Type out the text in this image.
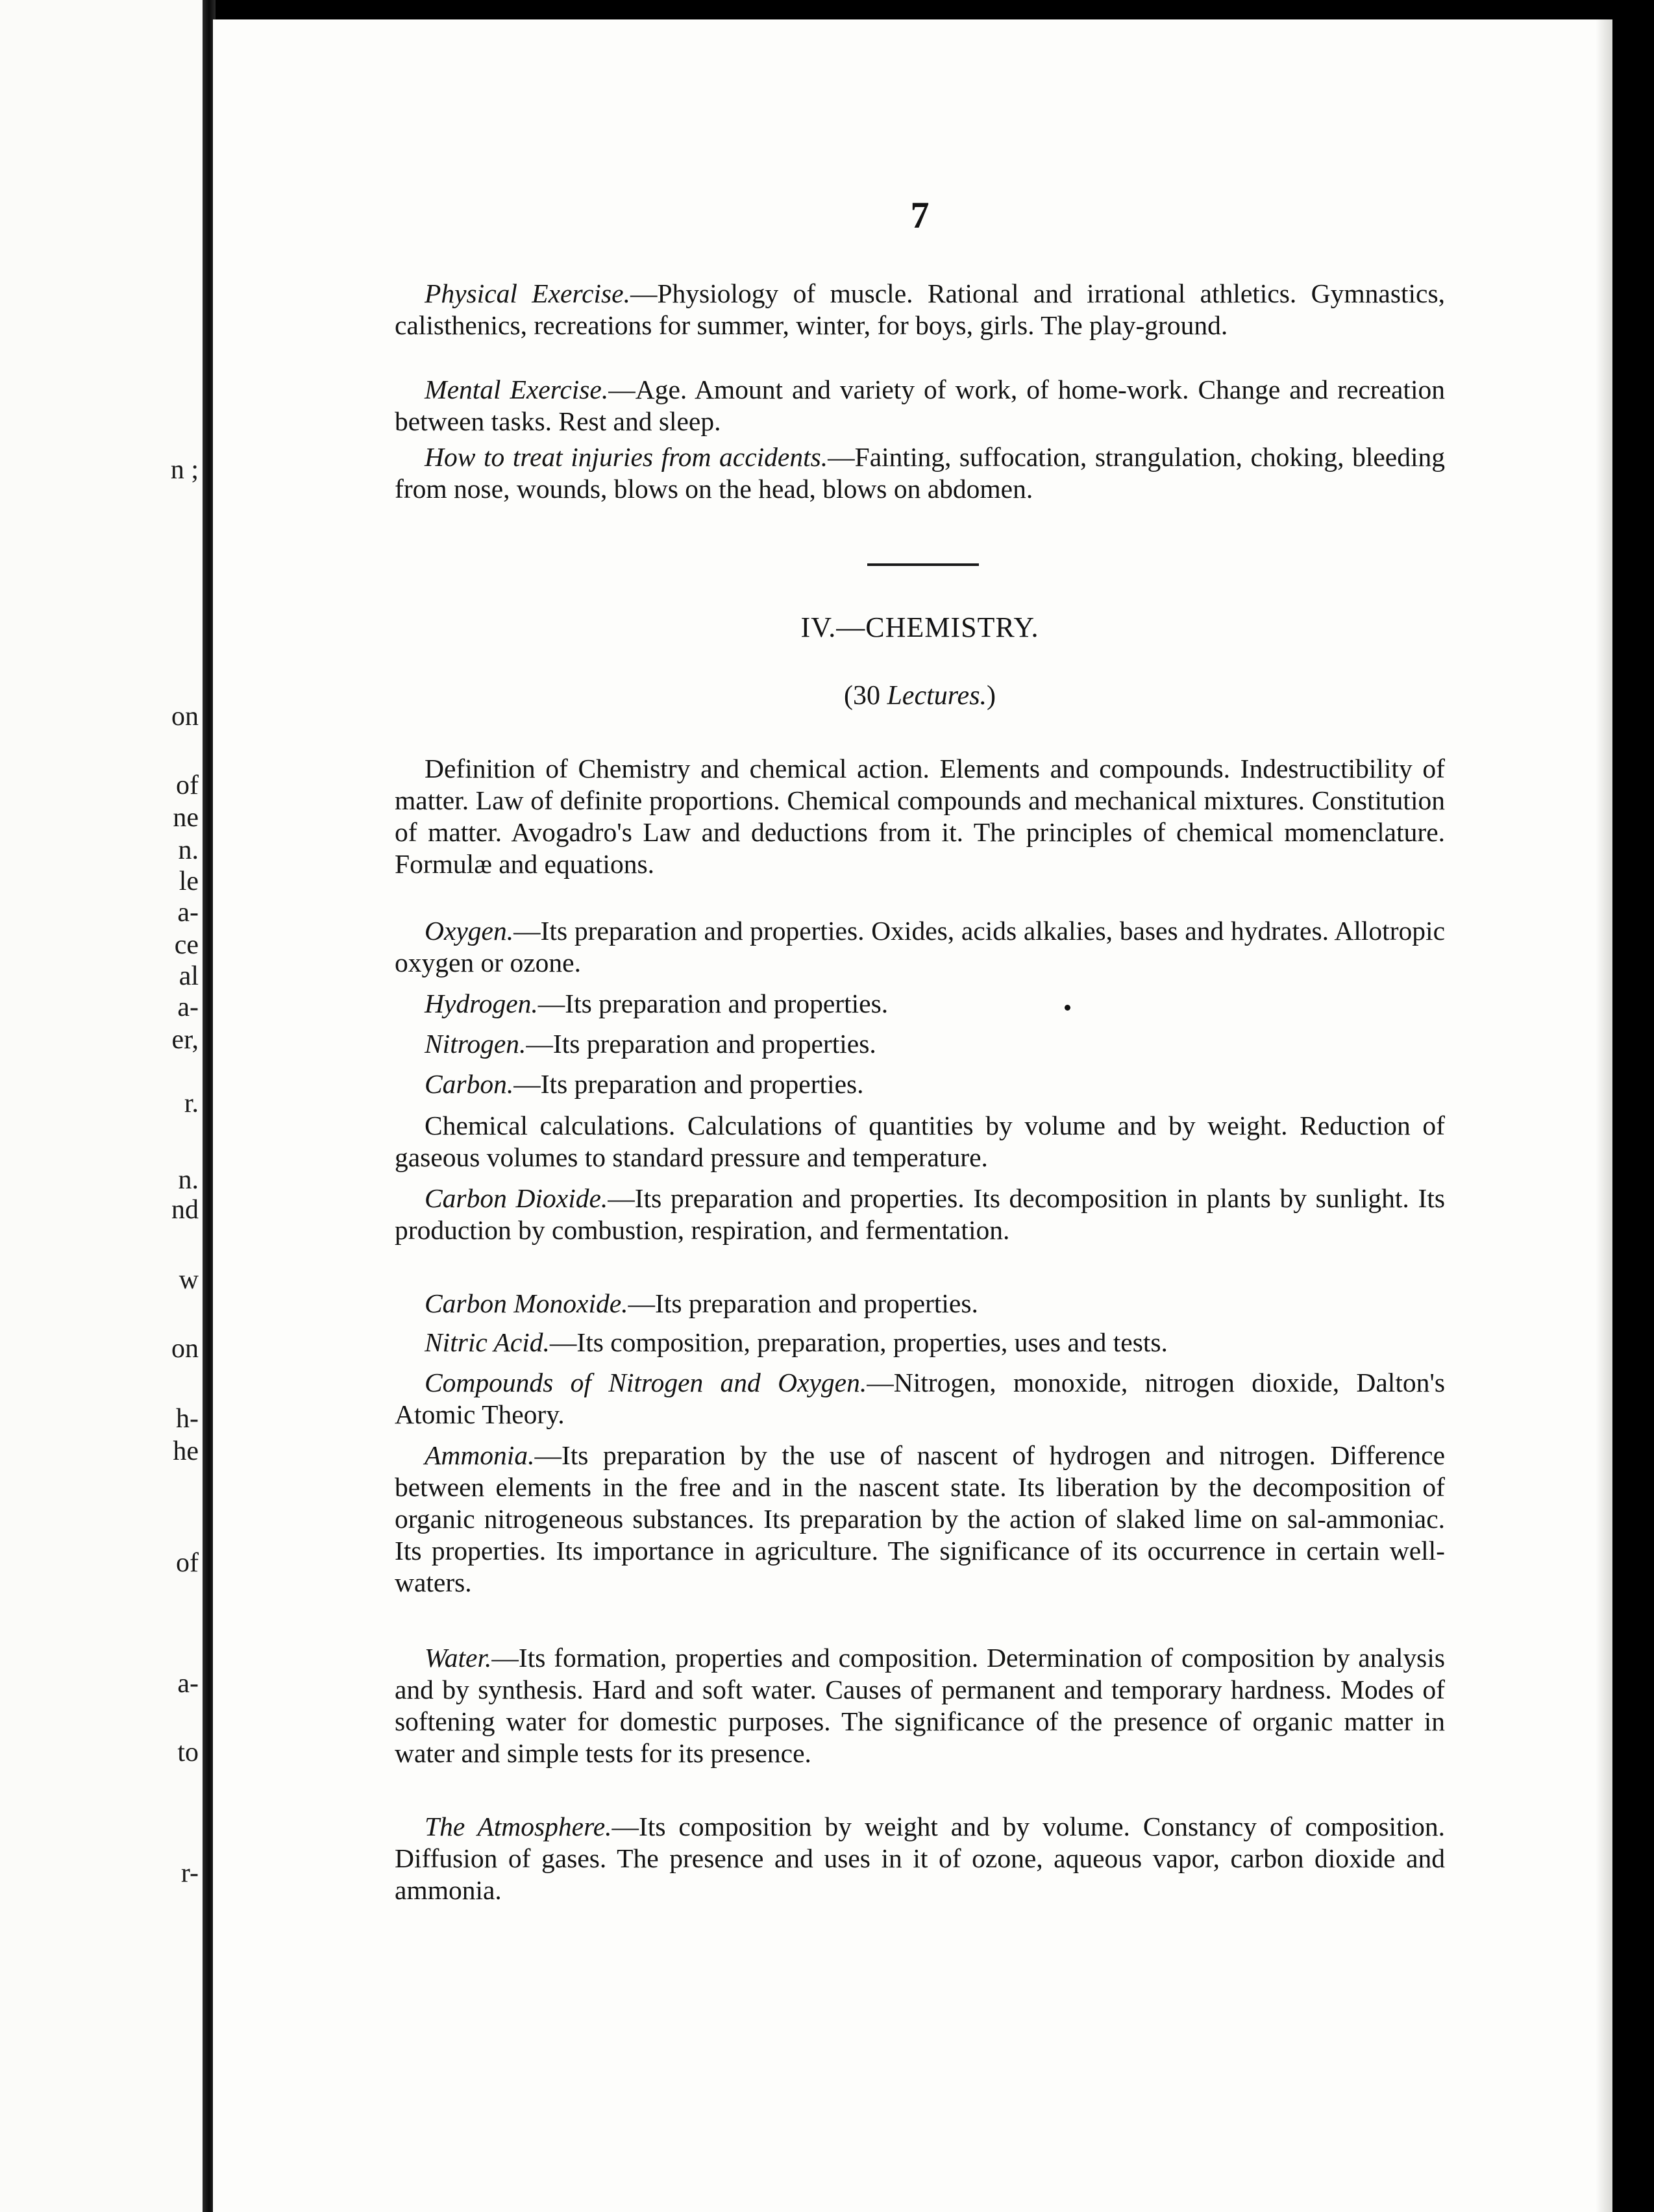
n ;
on
of
ne
n.
le
a-
ce
al
a-
er,
r.
n.
nd
w
on
h-
he
of
a-
to
r-
7
Physical Exercise.—Physiology of muscle. Rational and irrational athletics. Gymnastics, calisthenics, recreations for summer, winter, for boys, girls. The play-ground.
Mental Exercise.—Age. Amount and variety of work, of home-work. Change and recreation between tasks. Rest and sleep.
How to treat injuries from accidents.—Fainting, suffocation, strangulation, choking, bleeding from nose, wounds, blows on the head, blows on abdomen.
IV.—CHEMISTRY.
(30 Lectures.)
Definition of Chemistry and chemical action. Elements and compounds. Indestructibility of matter. Law of definite proportions. Chemical compounds and mechanical mixtures. Constitution of matter. Avogadro's Law and deductions from it. The principles of chemical momenclature. Formulæ and equations.
Oxygen.—Its preparation and properties. Oxides, acids alkalies, bases and hydrates. Allotropic oxygen or ozone.
Hydrogen.—Its preparation and properties.
Nitrogen.—Its preparation and properties.
Carbon.—Its preparation and properties.
Chemical calculations. Calculations of quantities by volume and by weight. Reduction of gaseous volumes to standard pressure and temperature.
Carbon Dioxide.—Its preparation and properties. Its decomposition in plants by sunlight. Its production by combustion, respiration, and fermentation.
Carbon Monoxide.—Its preparation and properties.
Nitric Acid.—Its composition, preparation, properties, uses and tests.
Compounds of Nitrogen and Oxygen.—Nitrogen, monoxide, nitrogen dioxide, Dalton's Atomic Theory.
Ammonia.—Its preparation by the use of nascent of hydrogen and nitrogen. Difference between elements in the free and in the nascent state. Its liberation by the decomposition of organic nitrogeneous substances. Its preparation by the action of slaked lime on sal-ammoniac. Its properties. Its importance in agriculture. The significance of its occurrence in certain well-waters.
Water.—Its formation, properties and composition. Determination of composition by analysis and by synthesis. Hard and soft water. Causes of permanent and temporary hardness. Modes of softening water for domestic purposes. The significance of the presence of organic matter in water and simple tests for its presence.
The Atmosphere.—Its composition by weight and by volume. Constancy of composition. Diffusion of gases. The presence and uses in it of ozone, aqueous vapor, carbon dioxide and ammonia.
